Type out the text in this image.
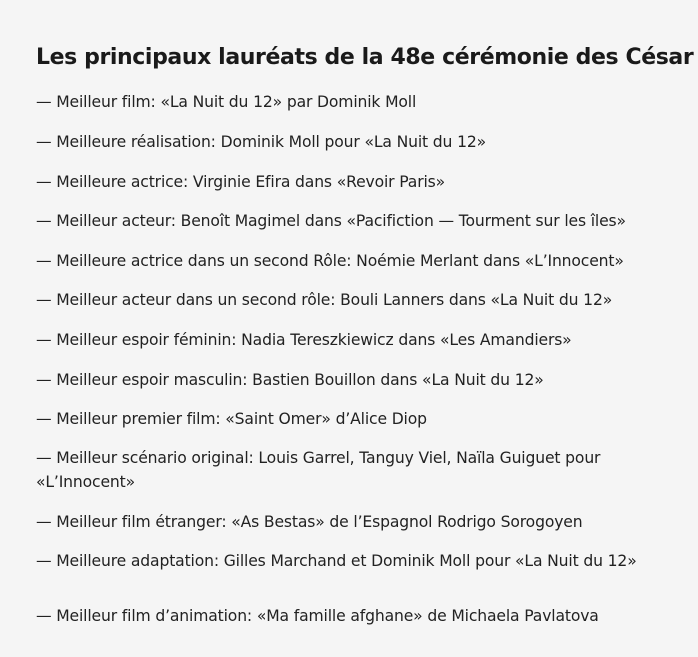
Les principaux lauréats de la 48e cérémonie des César
— Meilleur film: «La Nuit du 12» par Dominik Moll
— Meilleure réalisation: Dominik Moll pour «La Nuit du 12»
— Meilleure actrice: Virginie Efira dans «Revoir Paris»
— Meilleur acteur: Benoît Magimel dans «Pacifiction — Tourment sur les îles»
— Meilleure actrice dans un second Rôle: Noémie Merlant dans «L’Innocent»
— Meilleur acteur dans un second rôle: Bouli Lanners dans «La Nuit du 12»
— Meilleur espoir féminin: Nadia Tereszkiewicz dans «Les Amandiers»
— Meilleur espoir masculin: Bastien Bouillon dans «La Nuit du 12»
— Meilleur premier film: «Saint Omer» d’Alice Diop
— Meilleur scénario original: Louis Garrel, Tanguy Viel, Naïla Guiguet pour «L’Innocent»
— Meilleur film étranger: «As Bestas» de l’Espagnol Rodrigo Sorogoyen
— Meilleure adaptation: Gilles Marchand et Dominik Moll pour «La Nuit du 12»
— Meilleur film d’animation: «Ma famille afghane» de Michaela Pavlatova
